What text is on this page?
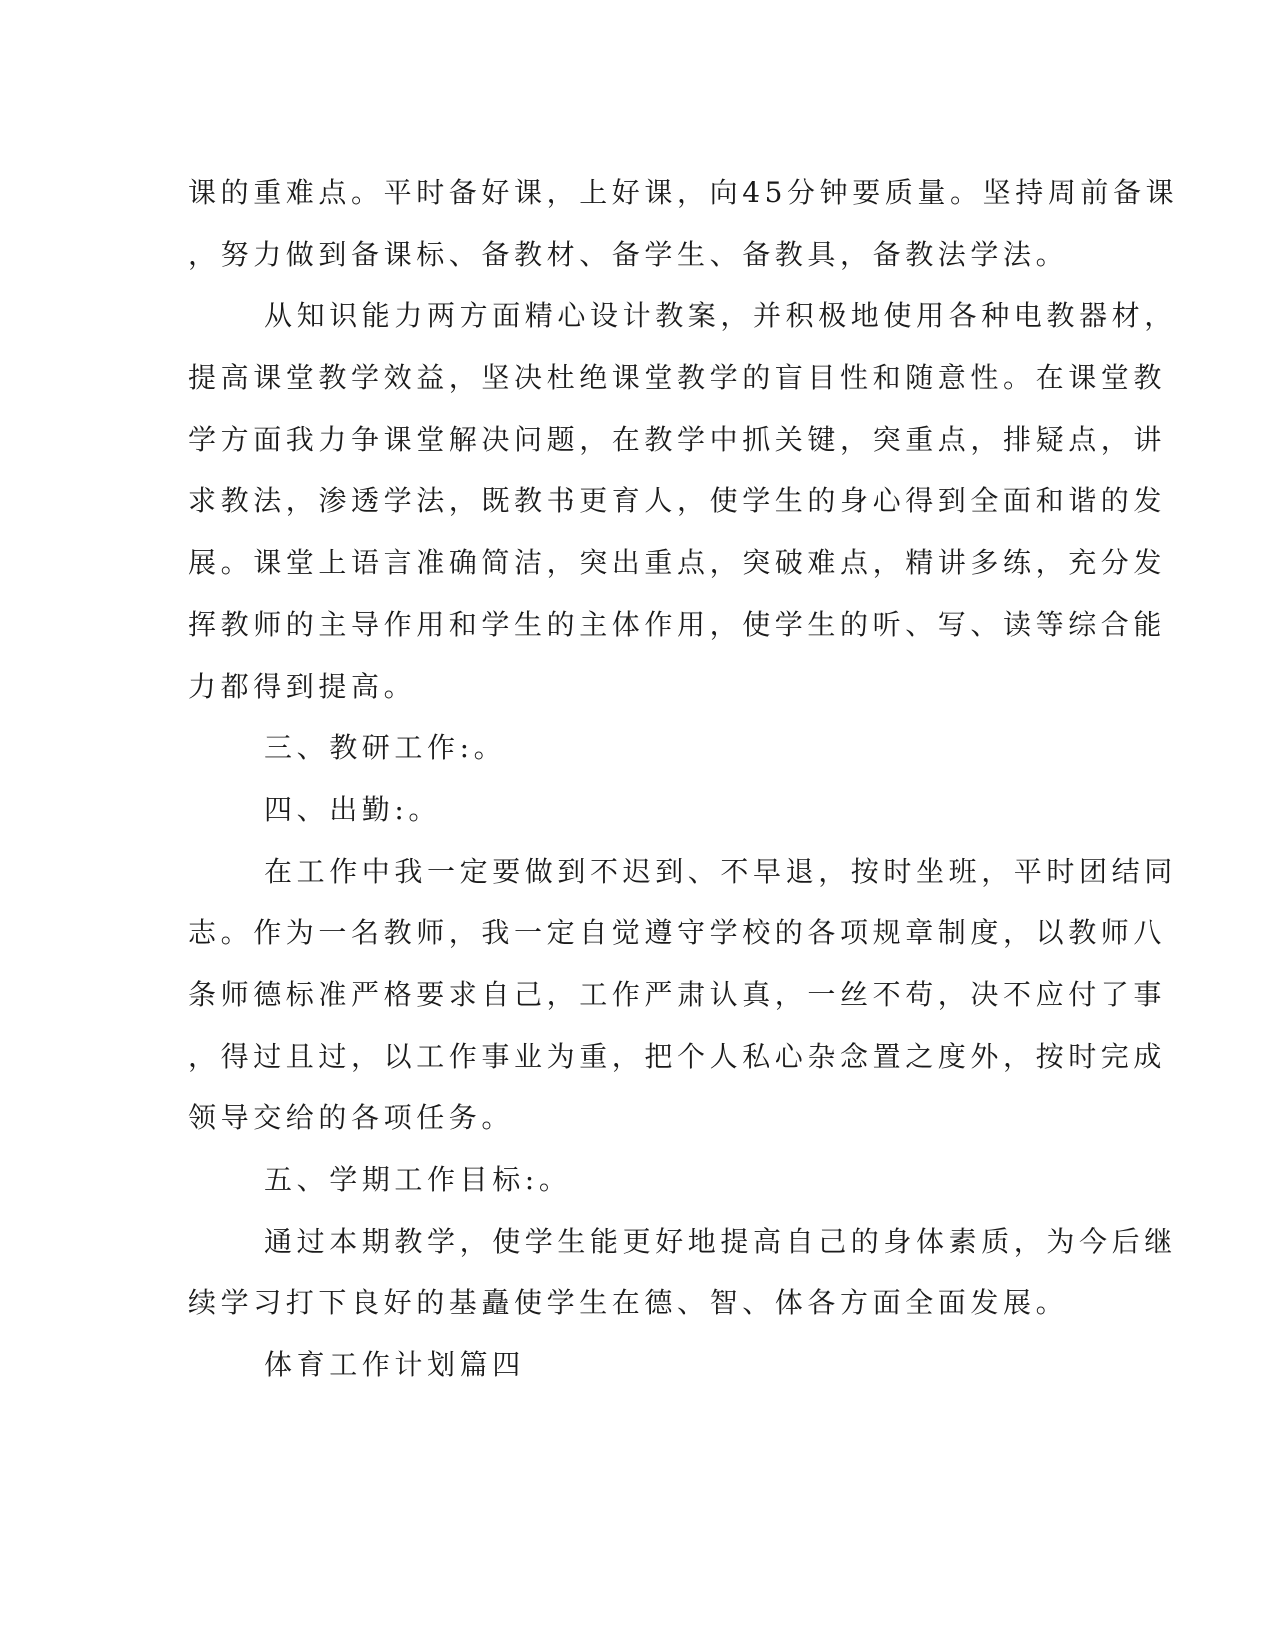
课的重难点。平时备好课，上好课，向45分钟要质量。坚持周前备课
，努力做到备课标、备教材、备学生、备教具，备教法学法。
从知识能力两方面精心设计教案，并积极地使用各种电教器材，
提高课堂教学效益，坚决杜绝课堂教学的盲目性和随意性。在课堂教
学方面我力争课堂解决问题，在教学中抓关键，突重点，排疑点，讲
求教法，渗透学法，既教书更育人，使学生的身心得到全面和谐的发
展。课堂上语言准确简洁，突出重点，突破难点，精讲多练，充分发
挥教师的主导作用和学生的主体作用，使学生的听、写、读等综合能
力都得到提高。
三、教研工作:。
四、出勤:。
在工作中我一定要做到不迟到、不早退，按时坐班，平时团结同
志。作为一名教师，我一定自觉遵守学校的各项规章制度，以教师八
条师德标准严格要求自己，工作严肃认真，一丝不苟，决不应付了事
，得过且过，以工作事业为重，把个人私心杂念置之度外，按时完成
领导交给的各项任务。
五、学期工作目标:。
通过本期教学，使学生能更好地提高自己的身体素质，为今后继
续学习打下良好的基矗使学生在德、智、体各方面全面发展。
体育工作计划篇四
